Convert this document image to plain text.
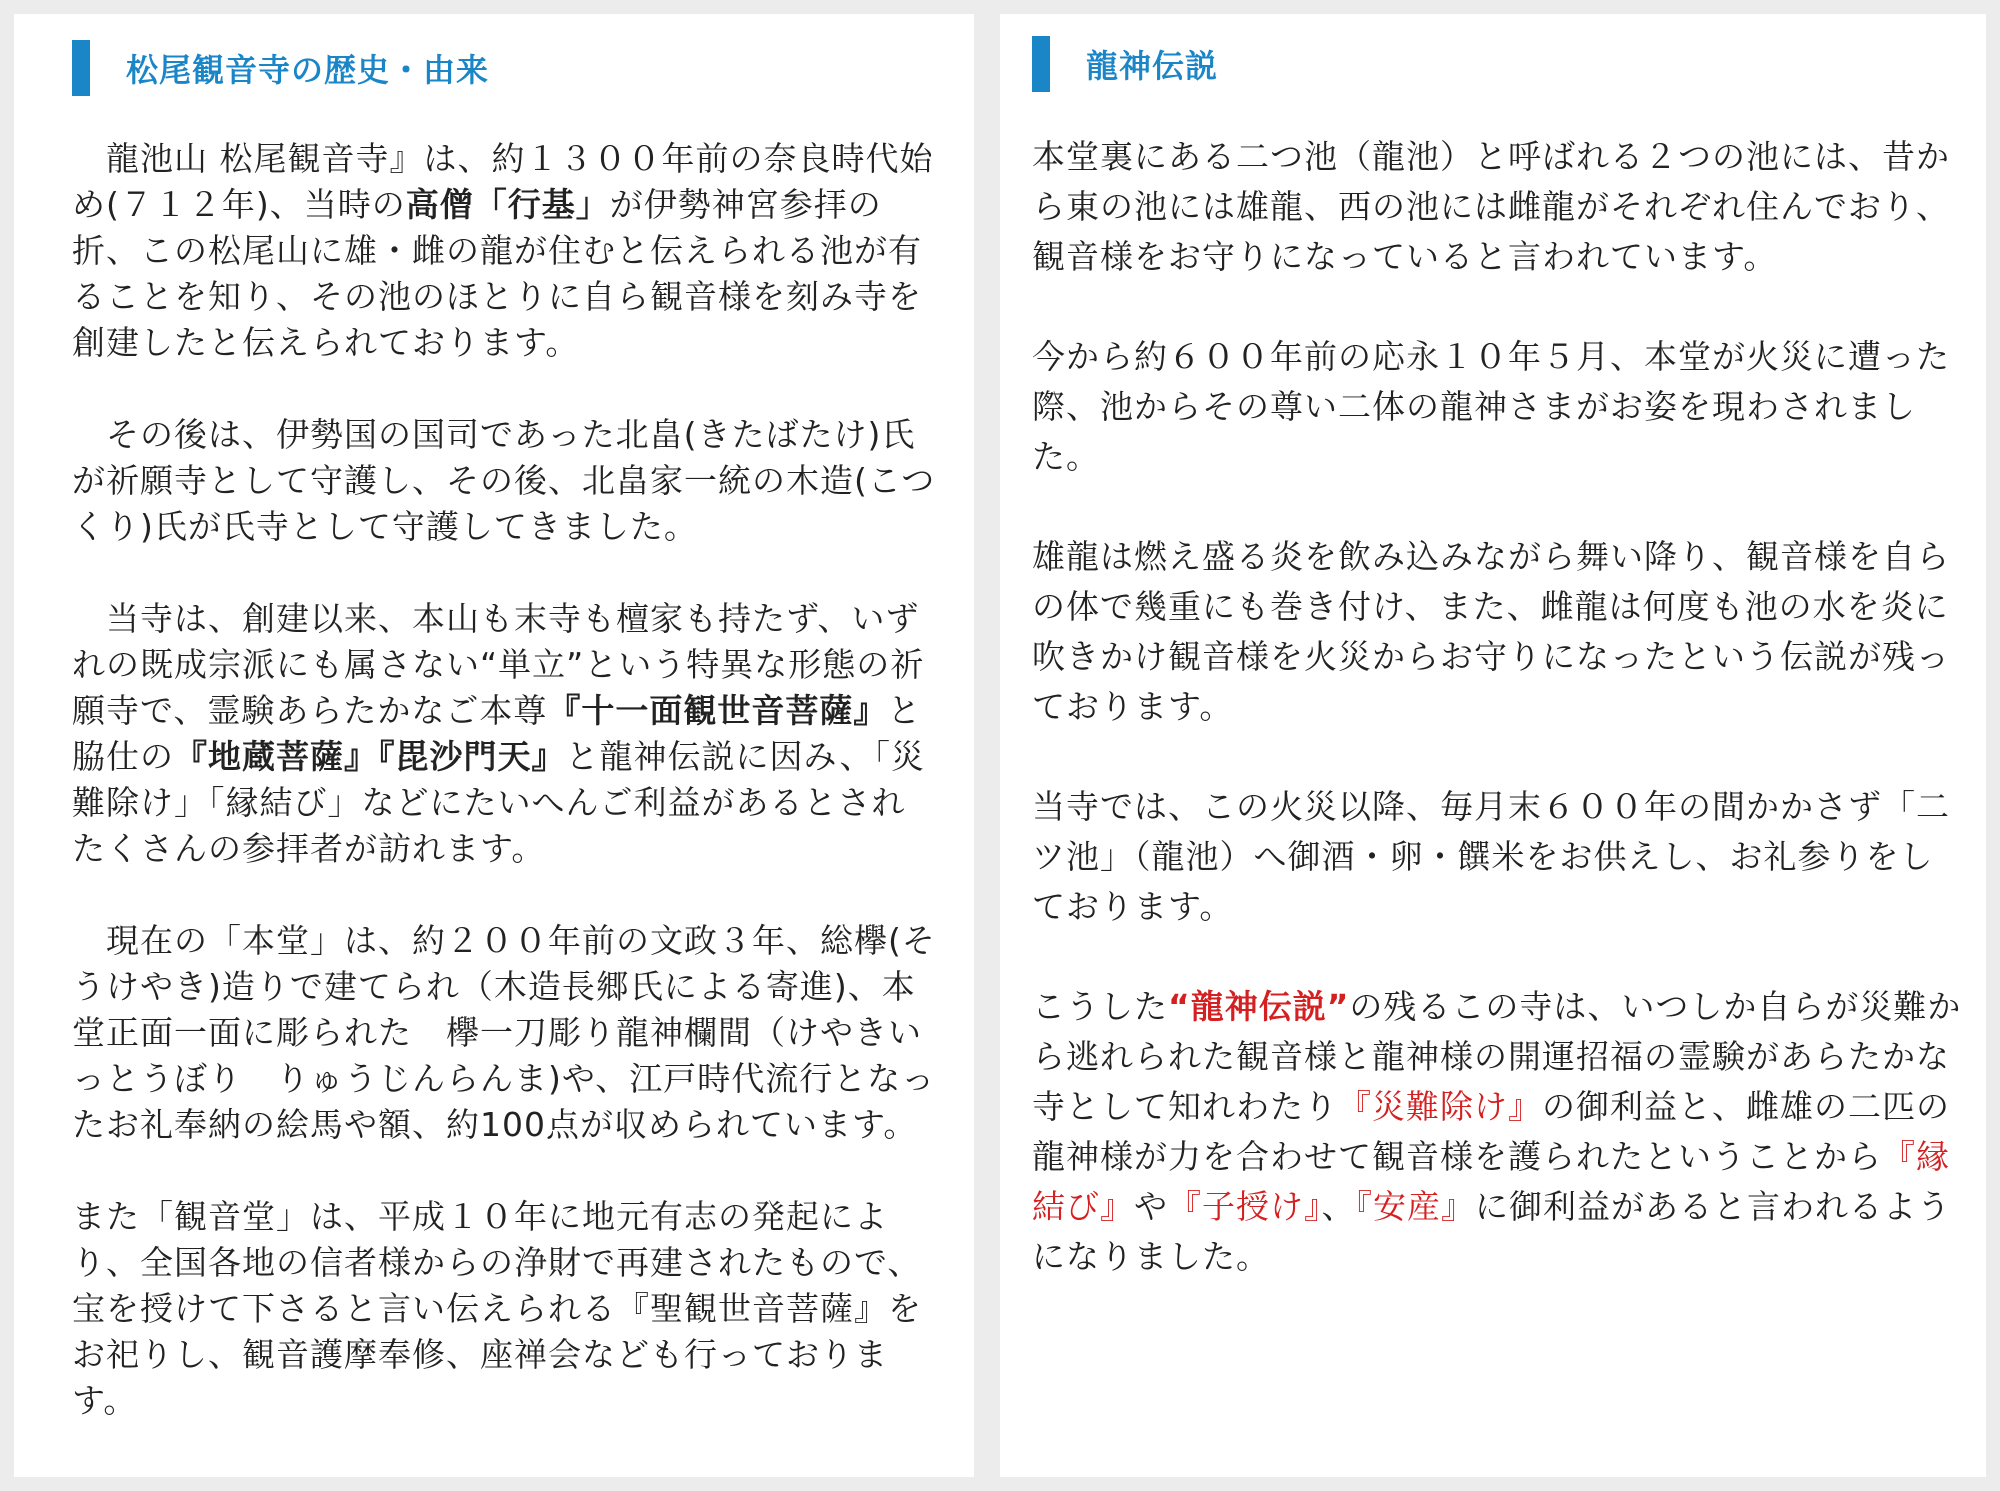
松尾観音寺の歴史・由来

　龍池山 松尾観音寺』は、約１３００年前の奈良時代始め(７１２年)、当時の高僧「行基」が伊勢神宮参拝の折、この松尾山に雄・雌の龍が住むと伝えられる池が有ることを知り、その池のほとりに自ら観音様を刻み寺を創建したと伝えられております。

　その後は、伊勢国の国司であった北畠(きたばたけ)氏が祈願寺として守護し、その後、北畠家一統の木造(こつくり)氏が氏寺として守護してきました。

　当寺は、創建以来、本山も末寺も檀家も持たず、いずれの既成宗派にも属さない“単立”という特異な形態の祈願寺で、霊験あらたかなご本尊『十一面観世音菩薩』と脇仕の『地蔵菩薩』『毘沙門天』と龍神伝説に因み、「災難除け」「縁結び」などにたいへんご利益があるとされたくさんの参拝者が訪れます。

　現在の「本堂」は、約２００年前の文政３年、総欅(そうけやき)造りで建てられ（木造長郷氏による寄進)、本堂正面一面に彫られた　欅一刀彫り龍神欄間（けやきいっとうぼり　りゅうじんらんま)や、江戸時代流行となったお礼奉納の絵馬や額、約100点が収められています。

また「観音堂」は、平成１０年に地元有志の発起により、全国各地の信者様からの浄財で再建されたもので、宝を授けて下さると言い伝えられる『聖観世音菩薩』をお祀りし、観音護摩奉修、座禅会なども行っております。

龍神伝説

本堂裏にある二つ池（龍池）と呼ばれる２つの池には、昔から東の池には雄龍、西の池には雌龍がそれぞれ住んでおり、観音様をお守りになっていると言われています。

今から約６００年前の応永１０年５月、本堂が火災に遭った際、池からその尊い二体の龍神さまがお姿を現わされました。

雄龍は燃え盛る炎を飲み込みながら舞い降り、観音様を自らの体で幾重にも巻き付け、また、雌龍は何度も池の水を炎に吹きかけ観音様を火災からお守りになったという伝説が残っております。

当寺では、この火災以降、毎月末６００年の間かかさず「二ツ池」（龍池）へ御酒・卵・饌米をお供えし、お礼参りをしております。

こうした“龍神伝説”の残るこの寺は、いつしか自らが災難から逃れられた観音様と龍神様の開運招福の霊験があらたかな寺として知れわたり『災難除け』の御利益と、雌雄の二匹の龍神様が力を合わせて観音様を護られたということから『縁結び』や『子授け』、『安産』に御利益があると言われるようになりました。
